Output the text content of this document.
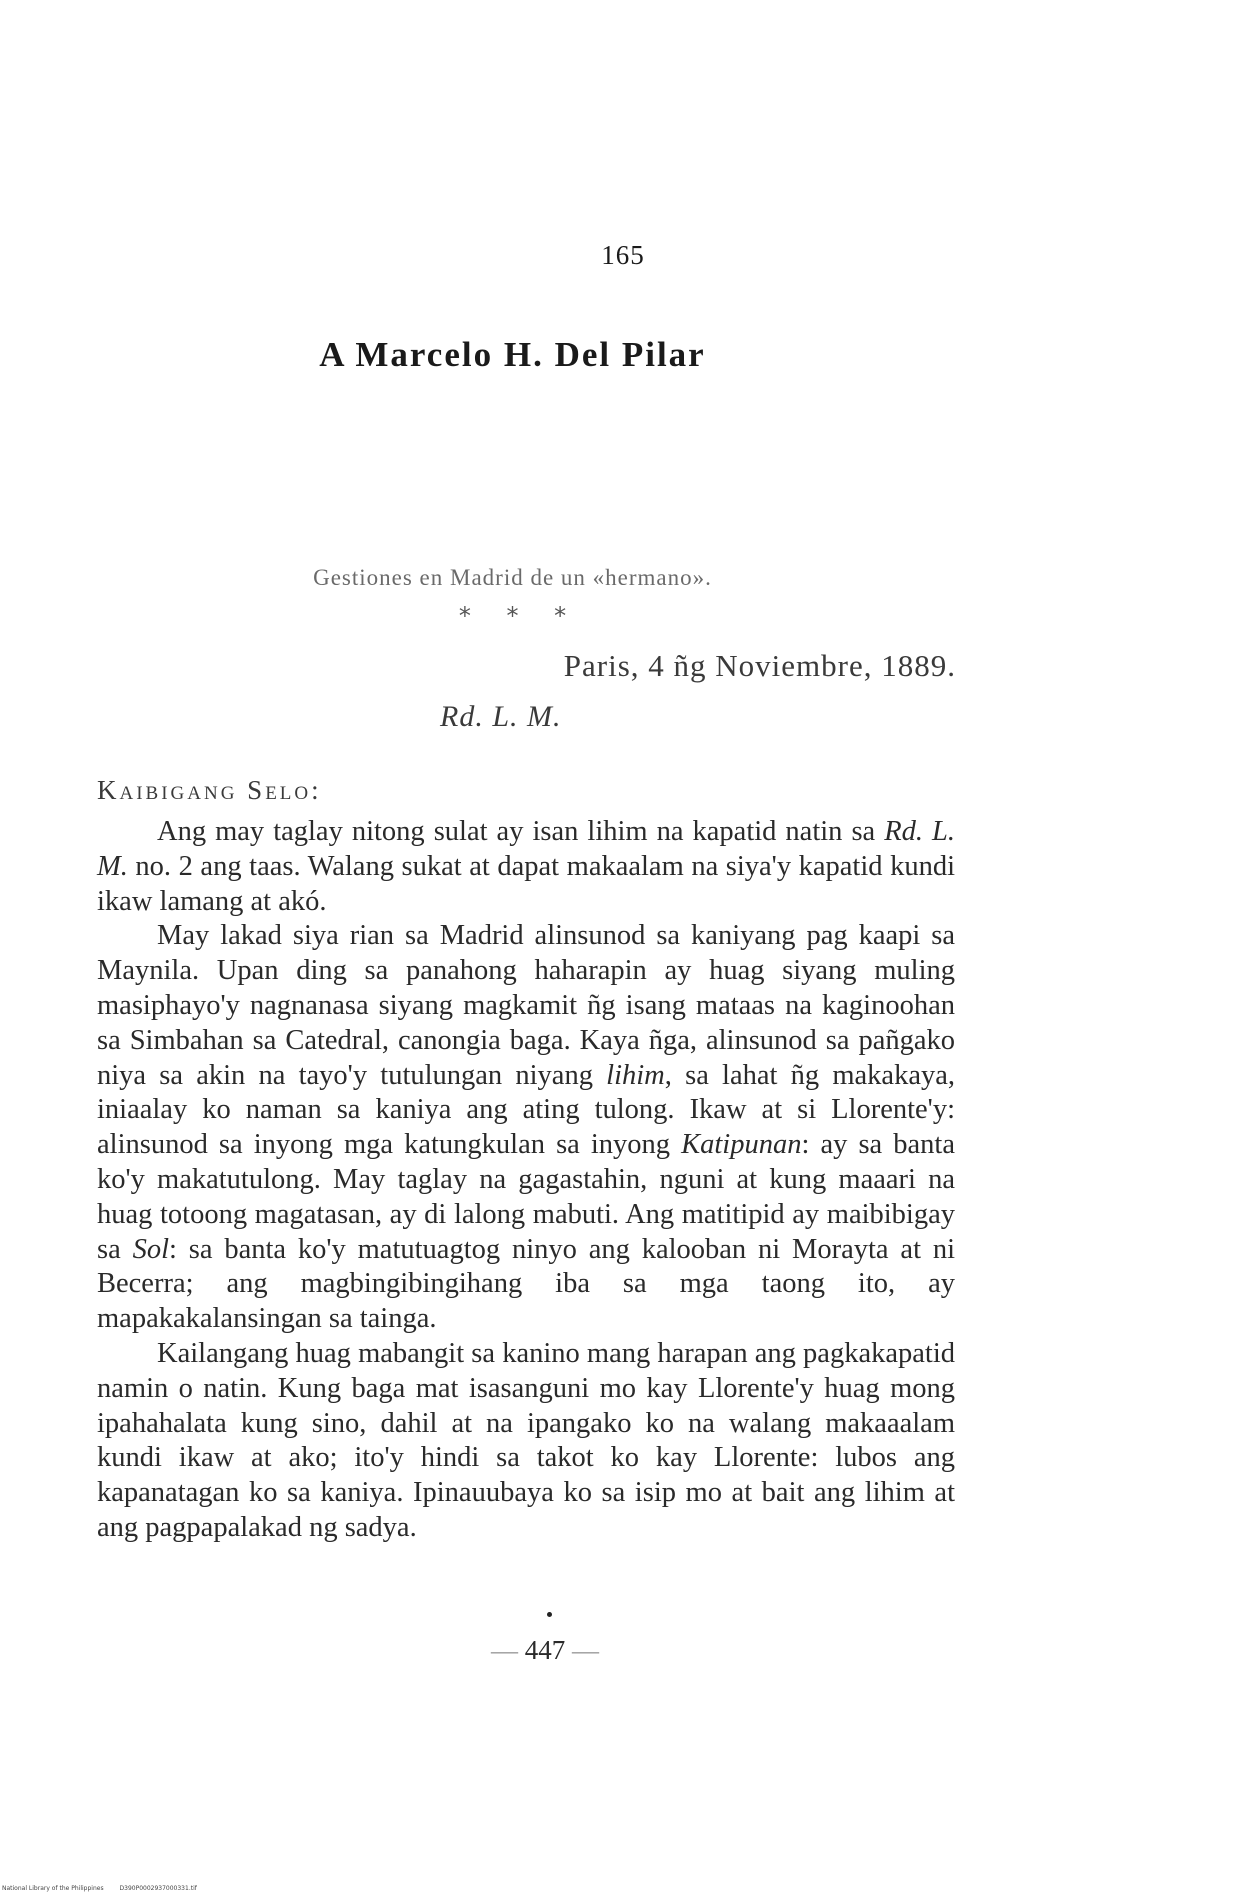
165
A Marcelo H. Del Pilar
Gestiones en Madrid de un «hermano».
* * *
Paris, 4 ñg Noviembre, 1889.
Rd. L. M.
Kaibigang Selo:

Ang may taglay nitong sulat ay isan lihim na kapatid natin sa Rd. L. M. no. 2 ang taas. Walang sukat at dapat makaalam na siya'y kapatid kundi ikaw lamang at akó.

May lakad siya rian sa Madrid alinsunod sa kaniyang pag kaapi sa Maynila. Upan ding sa panahong haharapin ay huag siyang muling masiphayo'y nagnanasa siyang magkamit ñg isang mataas na kaginoohan sa Simbahan sa Catedral, canongia baga. Kaya ñga, alinsunod sa pañgako niya sa akin na tayo'y tutulungan niyang lihim, sa lahat ñg makakaya, iniaalay ko naman sa kaniya ang ating tulong. Ikaw at si Llorente'y: alinsunod sa inyong mga katungkulan sa inyong Katipunan: ay sa banta ko'y makatutulong. May taglay na gagastahin, nguni at kung maaari na huag totoong magatasan, ay di lalong mabuti. Ang matitipid ay maibibigay sa Sol: sa banta ko'y matutuagtog ninyo ang kalooban ni Morayta at ni Becerra; ang magbingibingihang iba sa mga taong ito, ay mapakakalansingan sa tainga.

Kailangang huag mabangit sa kanino mang harapan ang pagkakapatid namin o natin. Kung baga mat isasanguni mo kay Llorente'y huag mong ipahahalata kung sino, dahil at na ipangako ko na walang makaaalam kundi ikaw at ako; ito'y hindi sa takot ko kay Llorente: lubos ang kapanatagan ko sa kaniya. Ipinauubaya ko sa isip mo at bait ang lihim at ang pagpapalakad ng sadya.

— 447 —
National Library of the Philippines	D390P0002937000331.tif
